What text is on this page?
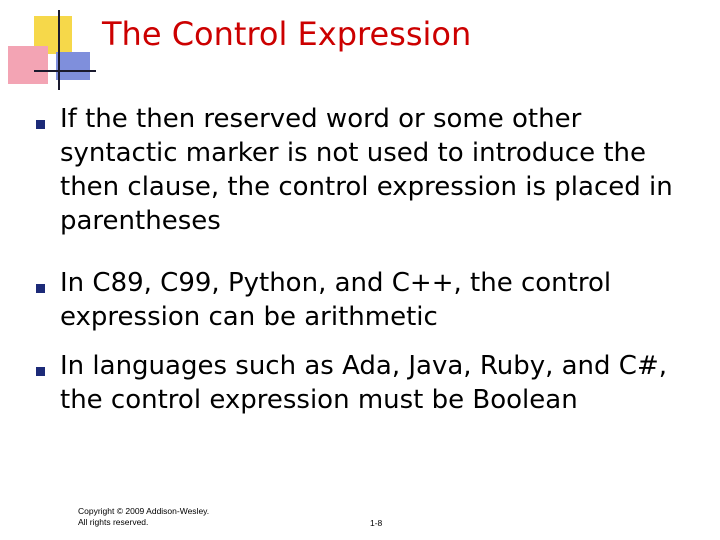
The Control Expression
If the then reserved word or some other syntactic marker is not used to introduce the then clause, the control expression is placed in parentheses
In C89, C99, Python, and C++, the control expression can be arithmetic
In languages such as Ada, Java, Ruby, and C#, the control expression must be Boolean
Copyright © 2009 Addison-Wesley. All rights reserved.	1-8
